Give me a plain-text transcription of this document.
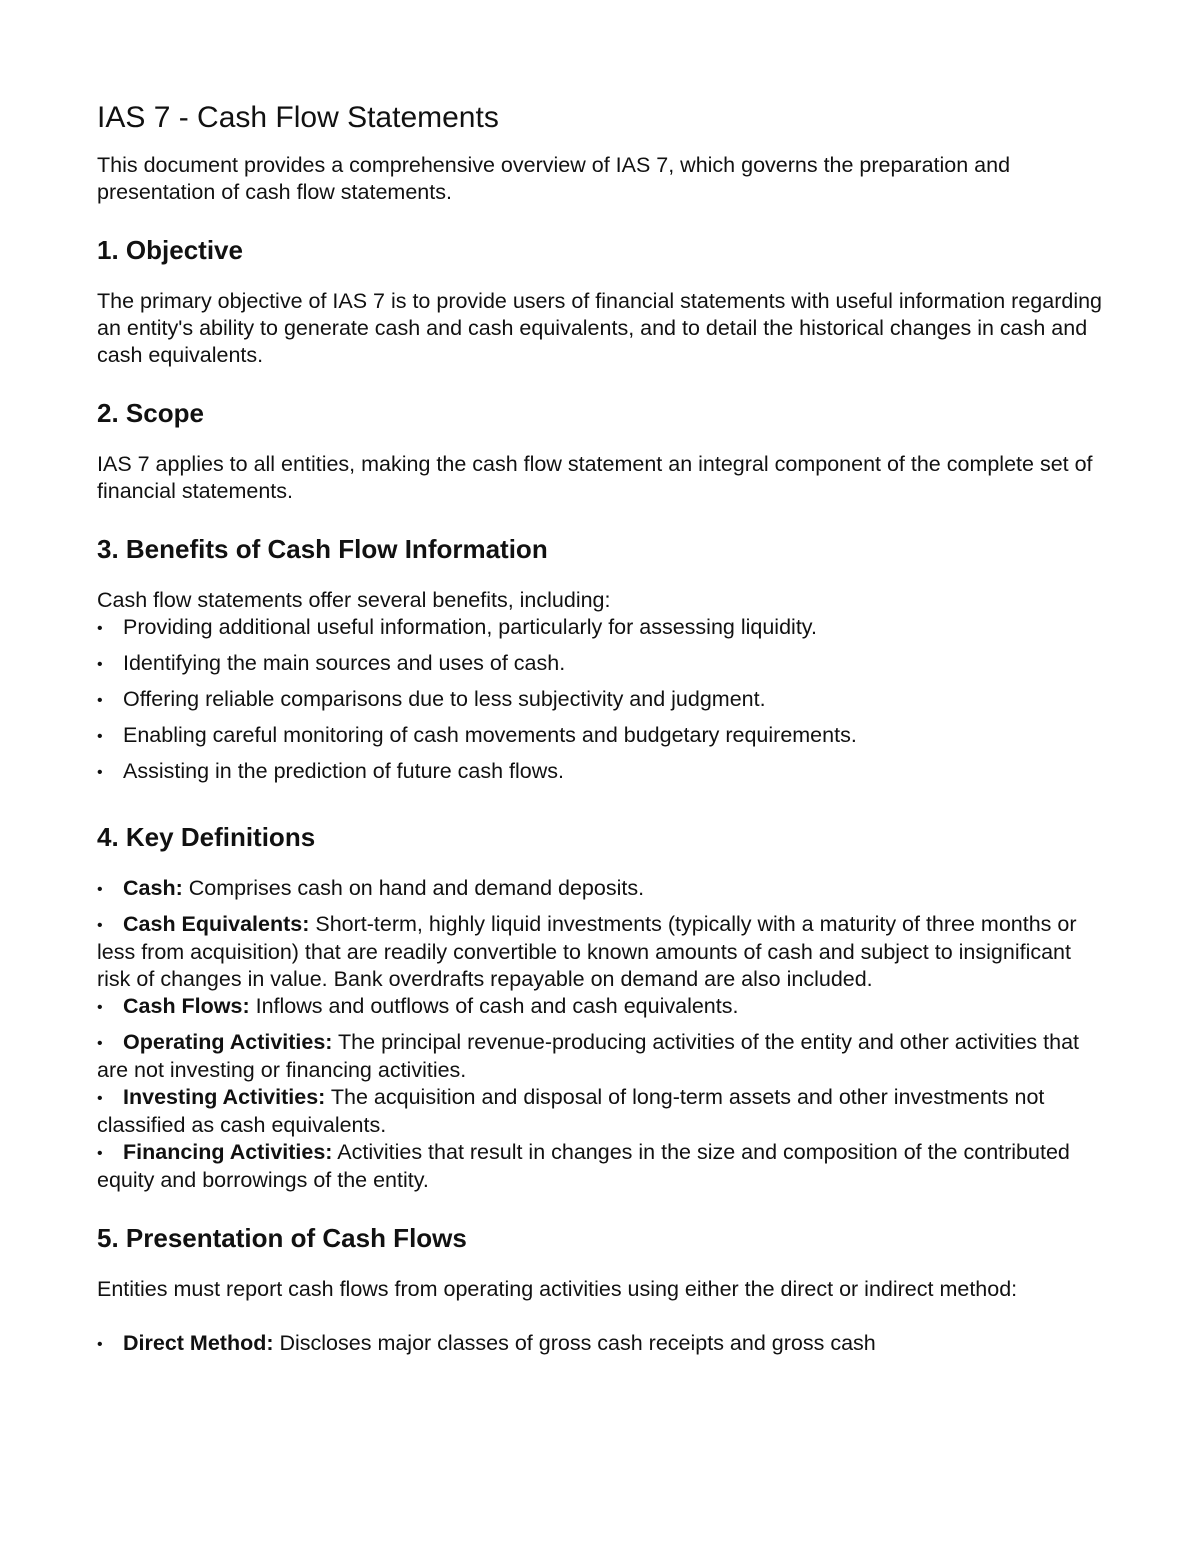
IAS 7 - Cash Flow Statements

This document provides a comprehensive overview of IAS 7, which governs the preparation and presentation of cash flow statements.

1. Objective

The primary objective of IAS 7 is to provide users of financial statements with useful information regarding an entity's ability to generate cash and cash equivalents, and to detail the historical changes in cash and cash equivalents.

2. Scope

IAS 7 applies to all entities, making the cash flow statement an integral component of the complete set of financial statements.

3. Benefits of Cash Flow Information

Cash flow statements offer several benefits, including:

• Providing additional useful information, particularly for assessing liquidity.
• Identifying the main sources and uses of cash.
• Offering reliable comparisons due to less subjectivity and judgment.
• Enabling careful monitoring of cash movements and budgetary requirements.
• Assisting in the prediction of future cash flows.
4. Key Definitions
• Cash: Comprises cash on hand and demand deposits.
• Cash Equivalents: Short-term, highly liquid investments (typically with a maturity of three months or less from acquisition) that are readily convertible to known amounts of cash and subject to insignificant risk of changes in value. Bank overdrafts repayable on demand are also included.
• Cash Flows: Inflows and outflows of cash and cash equivalents.
• Operating Activities: The principal revenue-producing activities of the entity and other activities that are not investing or financing activities.
• Investing Activities: The acquisition and disposal of long-term assets and other investments not classified as cash equivalents.
• Financing Activities: Activities that result in changes in the size and composition of the contributed equity and borrowings of the entity.
5. Presentation of Cash Flows

Entities must report cash flows from operating activities using either the direct or indirect method:

• Direct Method: Discloses major classes of gross cash receipts and gross cash
